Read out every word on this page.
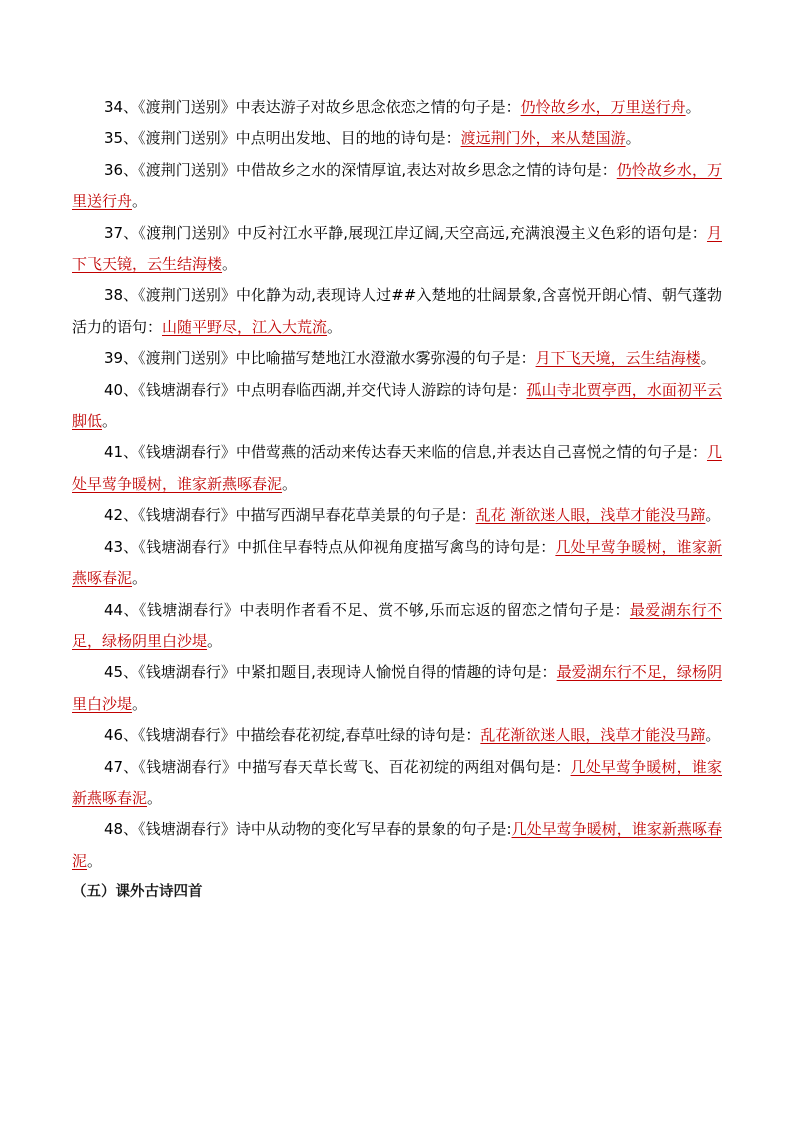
34、《渡荆门送别》中表达游子对故乡思念依恋之情的句子是：仍怜故乡水，万里送行舟。

35、《渡荆门送别》中点明出发地、目的地的诗句是：渡远荆门外，来从楚国游。

36、《渡荆门送别》中借故乡之水的深情厚谊,表达对故乡思念之情的诗句是：仍怜故乡水，万里送行舟。

37、《渡荆门送别》中反衬江水平静,展现江岸辽阔,天空高远,充满浪漫主义色彩的语句是：月下飞天镜，云生结海楼。

38、《渡荆门送别》中化静为动,表现诗人过##入楚地的壮阔景象,含喜悦开朗心情、朝气蓬勃活力的语句：山随平野尽，江入大荒流。

39、《渡荆门送别》中比喻描写楚地江水澄澈水雾弥漫的句子是：月下飞天境，云生结海楼。

40、《钱塘湖春行》中点明春临西湖,并交代诗人游踪的诗句是：孤山寺北贾亭西，水面初平云脚低。

41、《钱塘湖春行》中借莺燕的活动来传达春天来临的信息,并表达自己喜悦之情的句子是：几处早莺争暖树，谁家新燕啄春泥。

42、《钱塘湖春行》中描写西湖早春花草美景的句子是：乱花 渐欲迷人眼，浅草才能没马蹄。

43、《钱塘湖春行》中抓住早春特点从仰视角度描写禽鸟的诗句是：几处早莺争暖树，谁家新燕啄春泥。

44、《钱塘湖春行》中表明作者看不足、赏不够,乐而忘返的留恋之情句子是：最爱湖东行不足，绿杨阴里白沙堤。

45、《钱塘湖春行》中紧扣题目,表现诗人愉悦自得的情趣的诗句是：最爱湖东行不足，绿杨阴里白沙堤。

46、《钱塘湖春行》中描绘春花初绽,春草吐绿的诗句是：乱花渐欲迷人眼，浅草才能没马蹄。

47、《钱塘湖春行》中描写春天草长莺飞、百花初绽的两组对偶句是：几处早莺争暖树，谁家新燕啄春泥。

48、《钱塘湖春行》诗中从动物的变化写早春的景象的句子是:几处早莺争暖树，谁家新燕啄春泥。

（五）课外古诗四首
